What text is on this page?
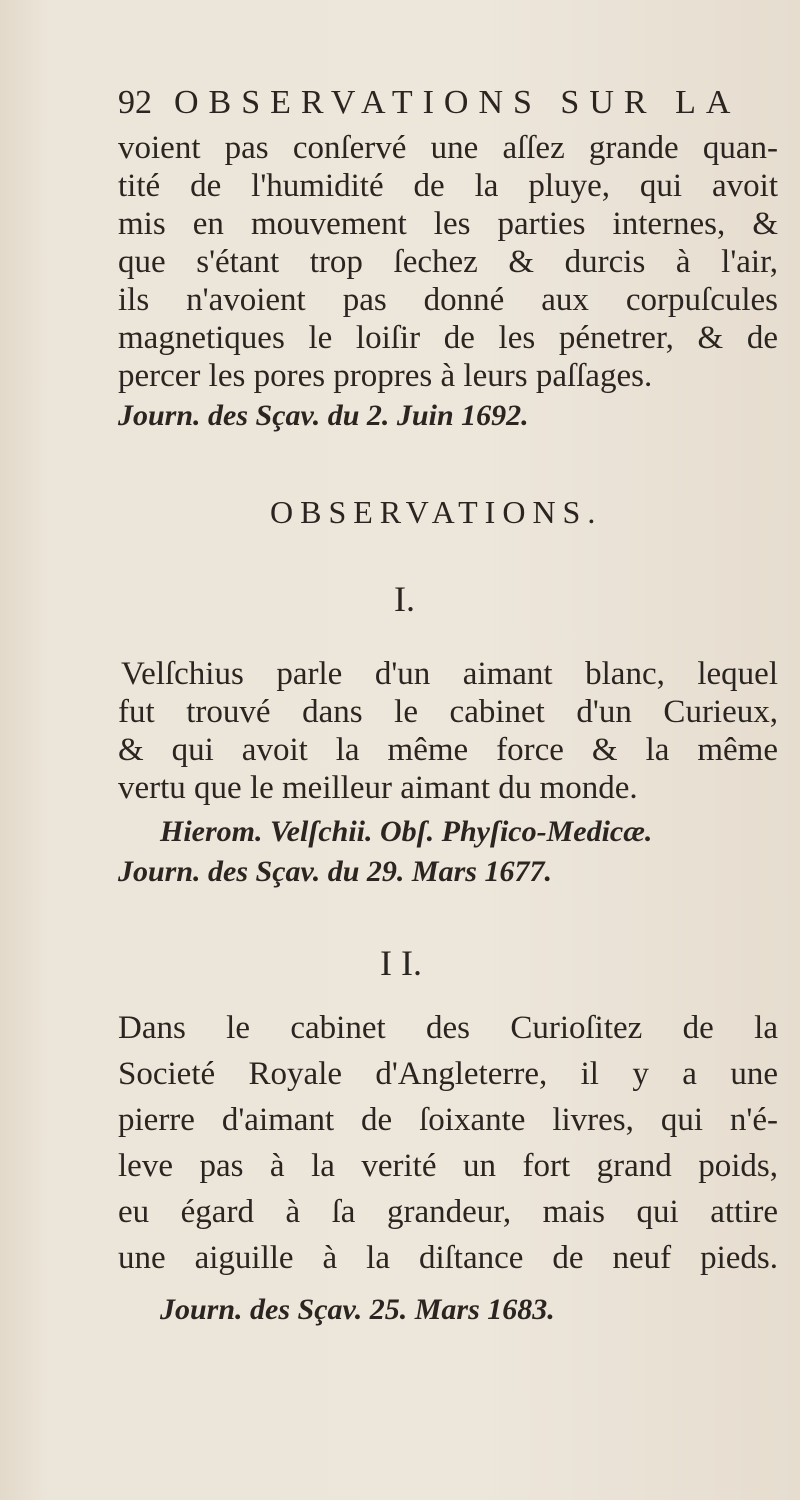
92 OBSERVATIONS SUR LA
voient pas conſervé une aſſez grande quan-
tité de l'humidité de la pluye, qui avoit
mis en mouvement les parties internes, &
que s'étant trop ſechez & durcis à l'air,
ils n'avoient pas donné aux corpuſcules
magnetiques le loiſir de les pénetrer, & de
percer les pores propres à leurs paſſages.
Journ. des Sçav. du 2. Juin 1692.
OBSERVATIONS.
I.
Velſchius parle d'un aimant blanc, lequel
fut trouvé dans le cabinet d'un Curieux,
& qui avoit la même force & la même
vertu que le meilleur aimant du monde.
Hierom. Velſchii. Obſ. Phyſico-Medicæ.
Journ. des Sçav. du 29. Mars 1677.
I I.
Dans le cabinet des Curioſitez de la
Societé Royale d'Angleterre, il y a une
pierre d'aimant de ſoixante livres, qui n'é-
leve pas à la verité un fort grand poids,
eu égard à ſa grandeur, mais qui attire
une aiguille à la diſtance de neuf pieds.
Journ. des Sçav. 25. Mars 1683.
